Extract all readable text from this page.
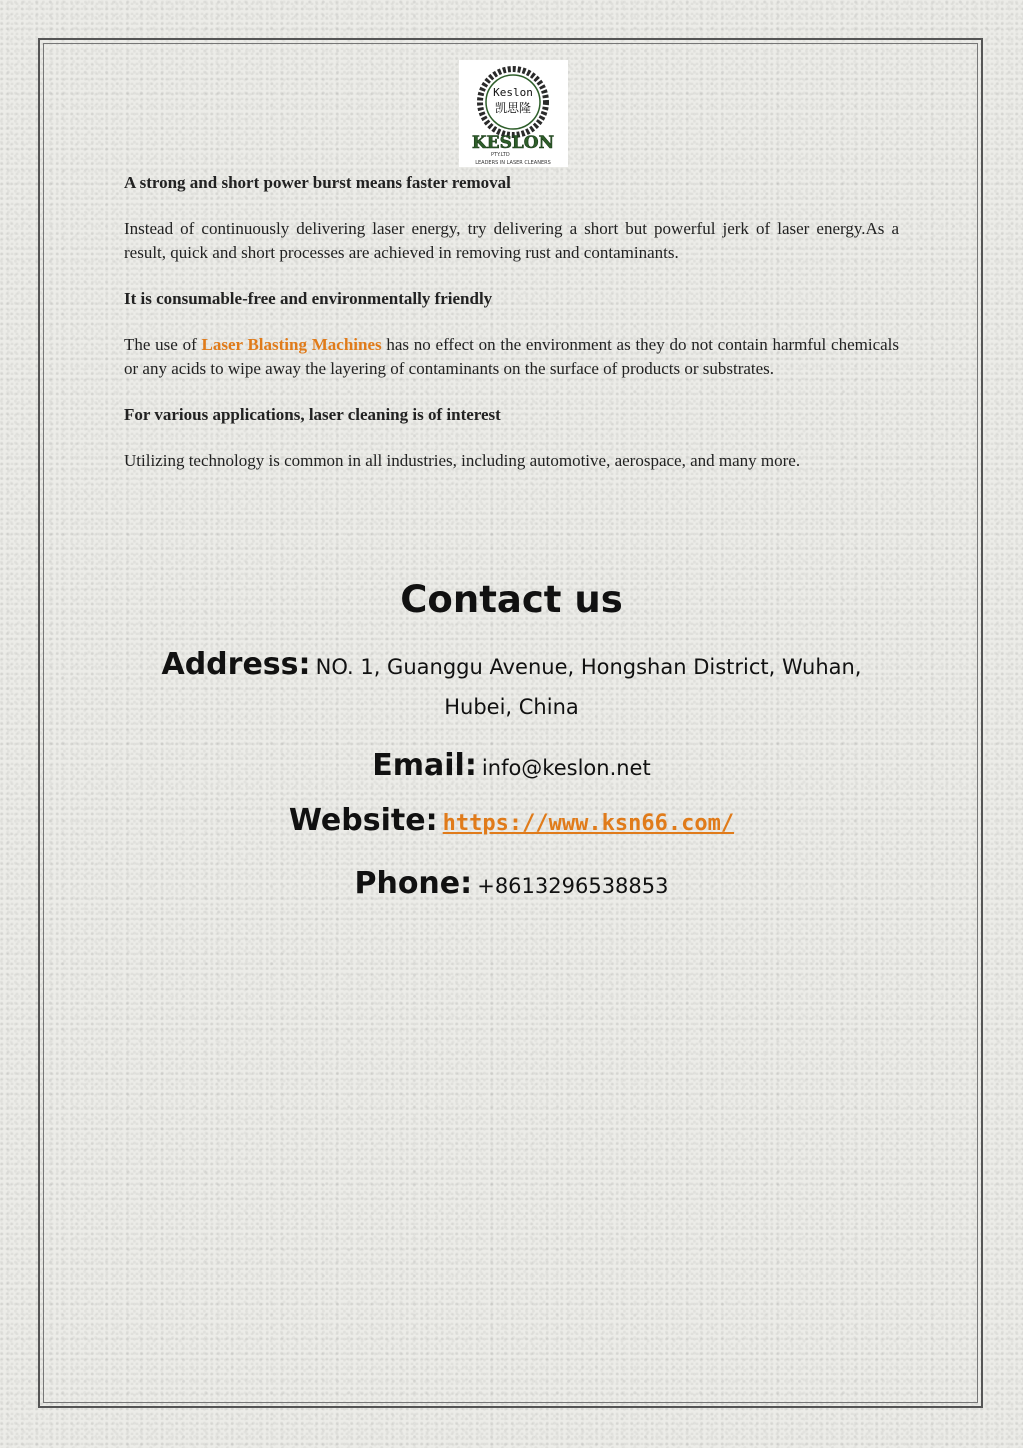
Keslon
凯思隆
KESLON
PTY.LTD
LEADERS IN LASER CLEANERS
A strong and short power burst means faster removal

Instead of continuously delivering laser energy, try delivering a short but powerful jerk of laser energy.As a result, quick and short processes are achieved in removing rust and contaminants.

It is consumable-free and environmentally friendly

The use of Laser Blasting Machines has no effect on the environment as they do not contain harmful chemicals or any acids to wipe away the layering of contaminants on the surface of products or substrates.

For various applications, laser cleaning is of interest

Utilizing technology is common in all industries, including automotive, aerospace, and many more.

Contact us

Address: NO. 1, Guanggu Avenue, Hongshan District, Wuhan,
Hubei, China

Email: info@keslon.net

Website: https://www.ksn66.com/

Phone: +8613296538853
